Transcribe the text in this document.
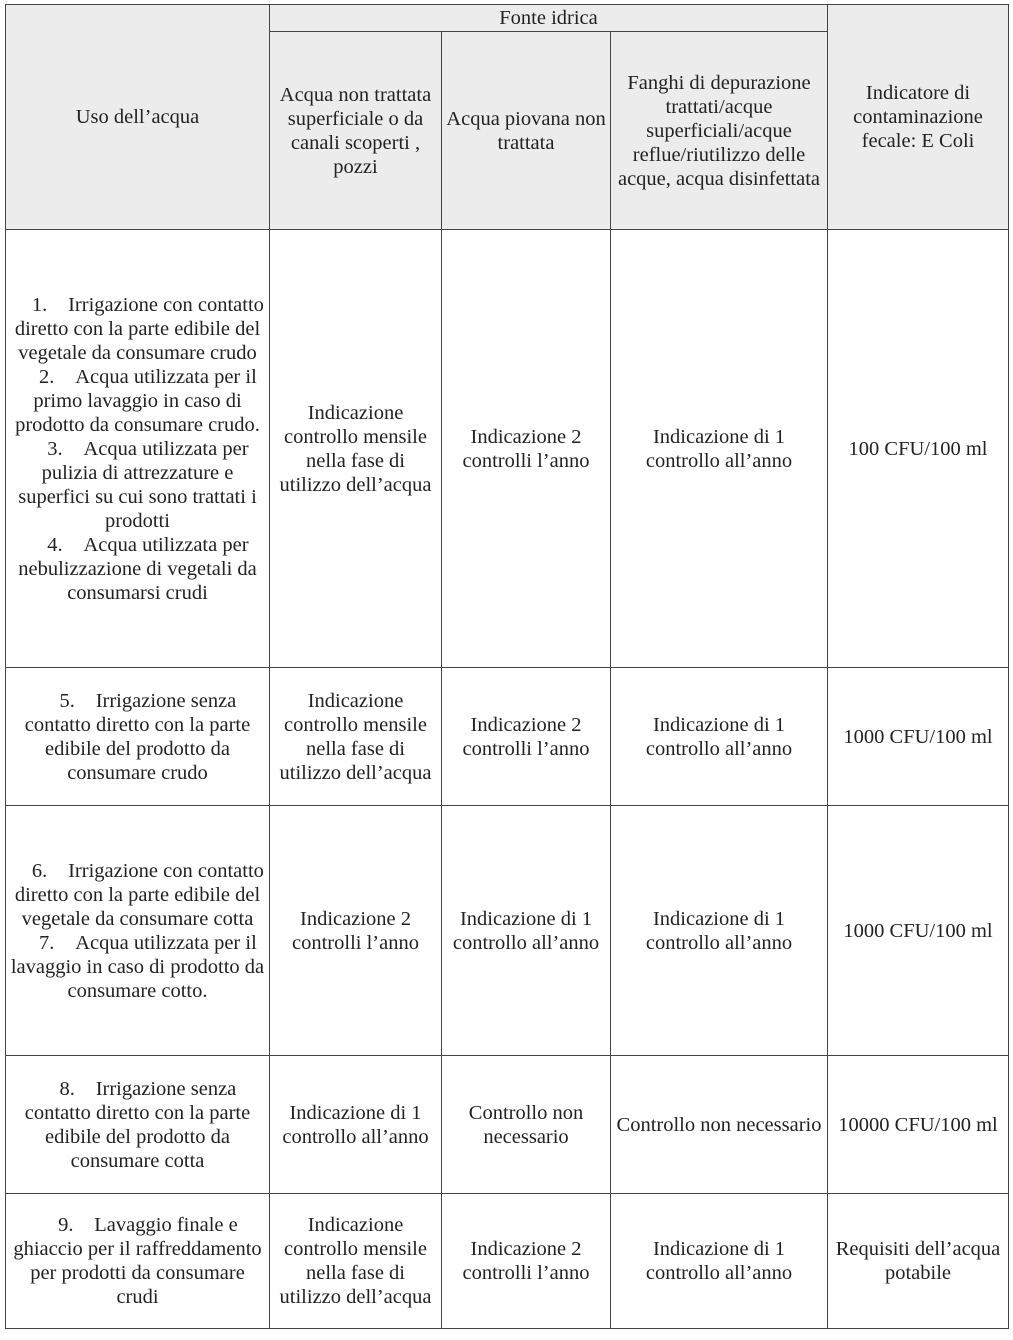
Uso dell’acqua	Fonte idrica			Indicatore di contaminazione fecale: E Coli
	Acqua non trattata superficiale o da canali scoperti , pozzi	Acqua piovana non trattata	Fanghi di depurazione trattati/acque superficiali/acque reflue/riutilizzo delle acque, acqua disinfettata	

1. Irrigazione con contatto diretto con la parte edibile del vegetale da consumare crudo
2. Acqua utilizzata per il primo lavaggio in caso di prodotto da consumare crudo.
3. Acqua utilizzata per pulizia di attrezzature e superfici su cui sono trattati i prodotti
4. Acqua utilizzata per nebulizzazione di vegetali da consumarsi crudi	Indicazione controllo mensile nella fase di utilizzo dell’acqua	Indicazione 2 controlli l’anno	Indicazione di 1 controllo all’anno	100 CFU/100 ml

5. Irrigazione senza contatto diretto con la parte edibile del prodotto da consumare crudo	Indicazione controllo mensile nella fase di utilizzo dell’acqua	Indicazione 2 controlli l’anno	Indicazione di 1 controllo all’anno	1000 CFU/100 ml

6. Irrigazione con contatto diretto con la parte edibile del vegetale da consumare cotta
7. Acqua utilizzata per il lavaggio in caso di prodotto da consumare cotto.	Indicazione 2 controlli l’anno	Indicazione di 1 controllo all’anno	Indicazione di 1 controllo all’anno	1000 CFU/100 ml

8. Irrigazione senza contatto diretto con la parte edibile del prodotto da consumare cotta	Indicazione di 1 controllo all’anno	Controllo non necessario	Controllo non necessario	10000 CFU/100 ml

9. Lavaggio finale e ghiaccio per il raffreddamento per prodotti da consumare crudi	Indicazione controllo mensile nella fase di utilizzo dell’acqua	Indicazione 2 controlli l’anno	Indicazione di 1 controllo all’anno	Requisiti dell’acqua potabile
